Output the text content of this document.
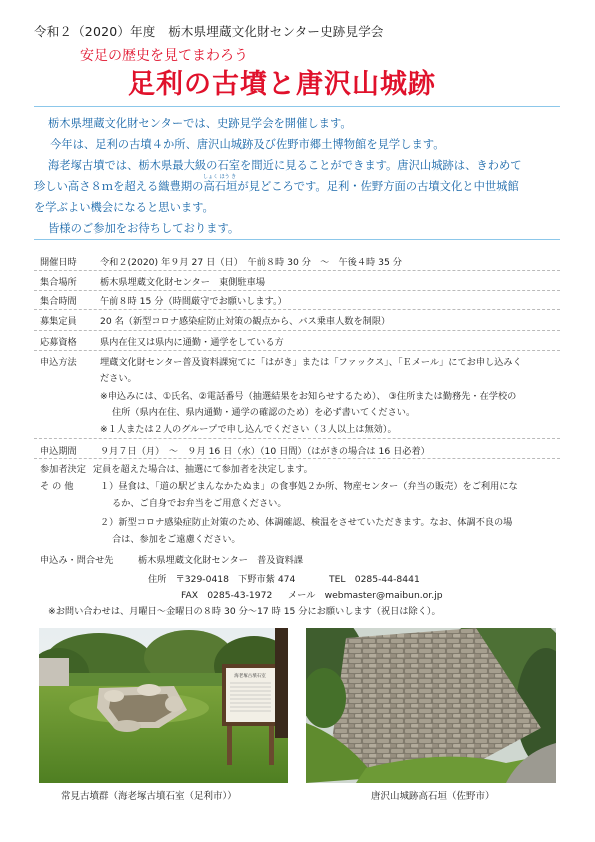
令和２（2020）年度　栃木県埋蔵文化財センター史跡見学会
安足の歴史を見てまわろう
足利の古墳と唐沢山城跡

栃木県埋蔵文化財センターでは、史跡見学会を開催します。

今年は、足利の古墳４か所、唐沢山城跡及び佐野市郷土博物館を見学します。

海老塚古墳では、栃木県最大級の石室を間近に見ることができます。唐沢山城跡は、きわめて

珍しい高さ８ｍを超える織豊期の高石垣が見どころです。足利・佐野方面の古墳文化と中世城館

を学ぶよい機会になると思います。

皆様のご参加をお待ちしております。

しょく ほう き
開催日時	令和２(2020) 年９月 27 日（日）　午前８時 30 分　〜　午後４時 35 分
集合場所	栃木県埋蔵文化財センター　東側駐車場
集合時間	午前８時 15 分（時間厳守でお願いします。）
募集定員	20 名（新型コロナ感染症防止対策の観点から、バス乗車人数を制限）
応募資格	県内在住又は県内に通勤・通学をしている方
申込方法	埋蔵文化財センター普及資料課宛てに「はがき」または「ファックス」、「Ｅメール」にてお申し込みく
ださい。
※申込みには、①氏名、②電話番号（抽選結果をお知らせするため）、 ③住所または勤務先・在学校の
住所（県内在住、県内通勤・通学の確認のため）を必ず書いてください。
※１人または２人のグループで申し込んでください（３人以上は無効）。
申込期間	９月７日（月）　〜　９月 16 日（水）（10 日間）（はがきの場合は 16 日必着）
参加者決定 定員を超えた場合は、抽選にて参加者を決定します。
そ の 他	１）昼食は、「道の駅どまんなかたぬま」の食事処２か所、物産センター（弁当の販売）をご利用にな
るか、ご自身でお弁当をご用意ください。
２）新型コロナ感染症防止対策のため、体調確認、検温をさせていただきます。なお、体調不良の場
合は、参加をご遠慮ください。
申込み・問合せ先	栃木県埋蔵文化財センター　普及資料課
住所　〒329-0418　下野市紫 474	TEL　0285-44-8441
FAX　0285-43-1972 メール　webmaster@maibun.or.jp
※お問い合わせは、月曜日〜金曜日の８時 30 分〜17 時 15 分にお願いします（祝日は除く）。
海老塚古墳石室
常見古墳群（海老塚古墳石室（足利市））	唐沢山城跡高石垣（佐野市）
